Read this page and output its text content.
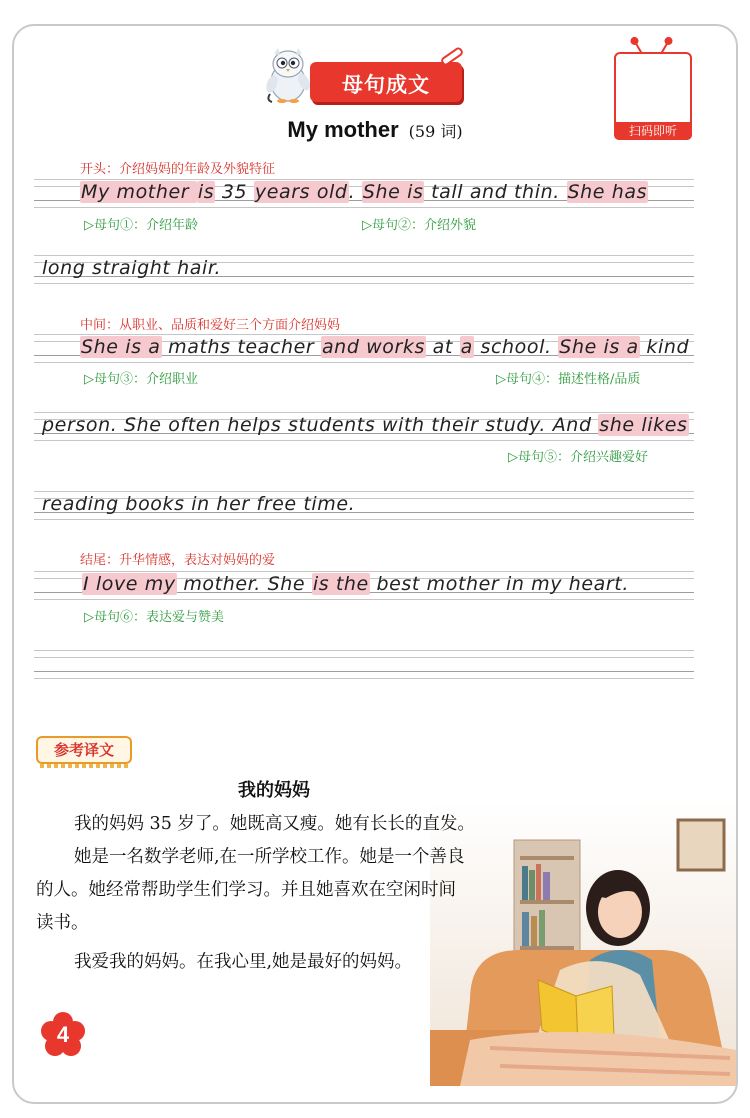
母句成文
扫码即听
My mother (59 词)
开头：介绍妈妈的年龄及外貌特征
My mother is 35 years old. She is tall and thin. She has
▷母句①：介绍年龄	▷母句②：介绍外貌
long straight hair.
中间：从职业、品质和爱好三个方面介绍妈妈
She is a maths teacher and works at a school. She is a kind
▷母句③：介绍职业	▷母句④：描述性格/品质
person. She often helps students with their study. And she likes
▷母句⑤：介绍兴趣爱好
reading books in her free time.
结尾：升华情感，表达对妈妈的爱
I love my mother. She is the best mother in my heart.
▷母句⑥：表达爱与赞美
参考译文
我的妈妈
我的妈妈 35 岁了。她既高又瘦。她有长长的直发。
她是一名数学老师,在一所学校工作。她是一个善良
的人。她经常帮助学生们学习。并且她喜欢在空闲时间
读书。
我爱我的妈妈。在我心里,她是最好的妈妈。
4
